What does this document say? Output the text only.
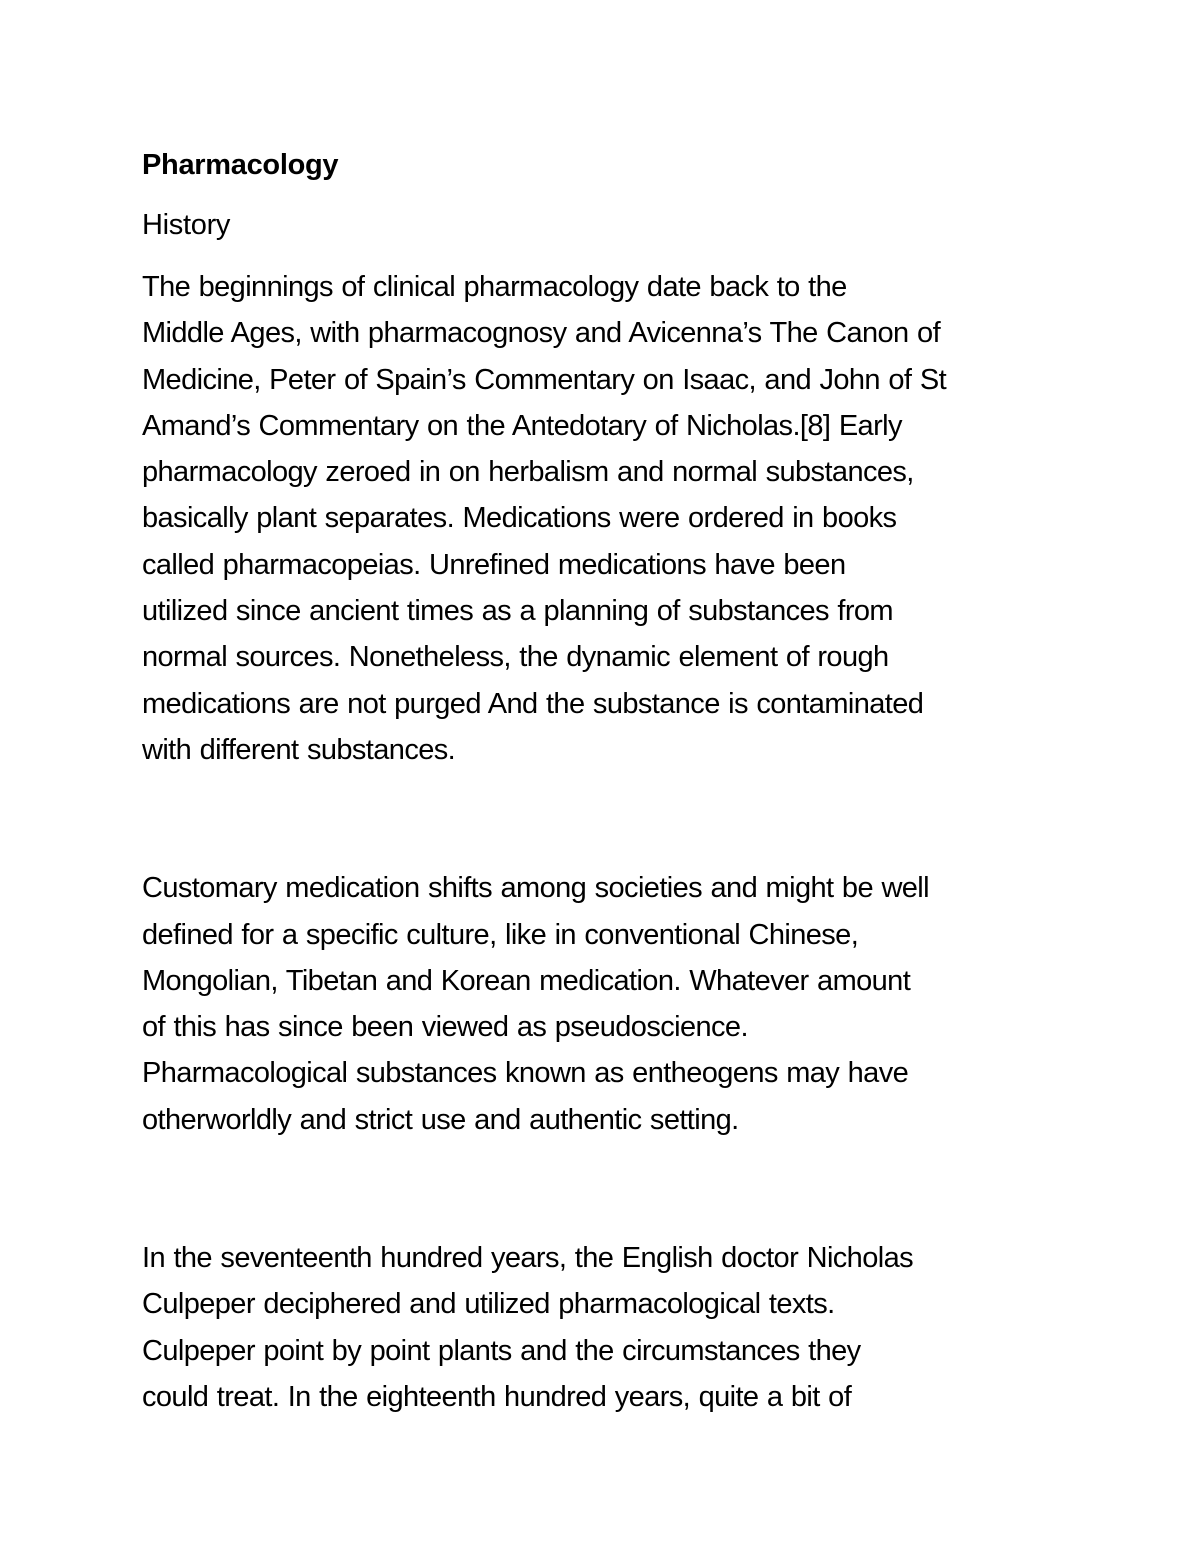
Pharmacology
History

The beginnings of clinical pharmacology date back to the
Middle Ages, with pharmacognosy and Avicenna’s The Canon of
Medicine, Peter of Spain’s Commentary on Isaac, and John of St
Amand’s Commentary on the Antedotary of Nicholas.[8] Early
pharmacology zeroed in on herbalism and normal substances,
basically plant separates. Medications were ordered in books
called pharmacopeias. Unrefined medications have been
utilized since ancient times as a planning of substances from
normal sources. Nonetheless, the dynamic element of rough
medications are not purged And the substance is contaminated
with different substances.

Customary medication shifts among societies and might be well
defined for a specific culture, like in conventional Chinese,
Mongolian, Tibetan and Korean medication. Whatever amount
of this has since been viewed as pseudoscience.
Pharmacological substances known as entheogens may have
otherworldly and strict use and authentic setting.

In the seventeenth hundred years, the English doctor Nicholas
Culpeper deciphered and utilized pharmacological texts.
Culpeper point by point plants and the circumstances they
could treat. In the eighteenth hundred years, quite a bit of
